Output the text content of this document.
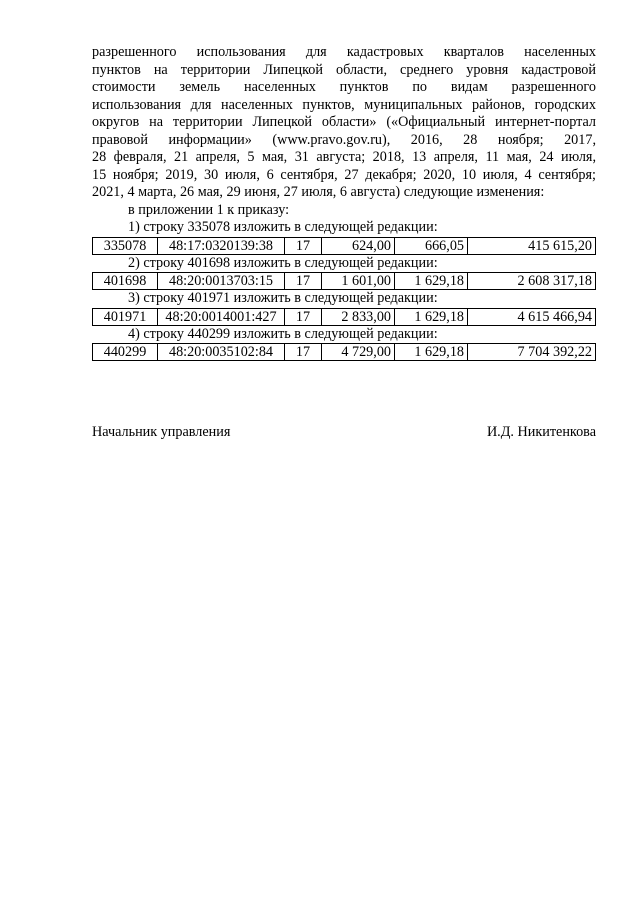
разрешенного использования для кадастровых кварталов населенных
пунктов на территории Липецкой области, среднего уровня кадастровой
стоимости земель населенных пунктов по видам разрешенного
использования для населенных пунктов, муниципальных районов, городских
округов на территории Липецкой области» («Официальный интернет-портал
правовой информации» (www.pravo.gov.ru), 2016, 28 ноября; 2017,
28 февраля, 21 апреля, 5 мая, 31 августа; 2018, 13 апреля, 11 мая, 24 июля,
15 ноября; 2019, 30 июля, 6 сентября, 27 декабря; 2020, 10 июля, 4 сентября;
2021, 4 марта, 26 мая, 29 июня, 27 июля, 6 августа) следующие изменения:
в приложении 1 к приказу:
1) строку 335078 изложить в следующей редакции:
335078	48:17:0320139:38	17	624,00	666,05	415 615,20
2) строку 401698 изложить в следующей редакции:
401698	48:20:0013703:15	17	1 601,00	1 629,18	2 608 317,18
3) строку 401971 изложить в следующей редакции:
401971	48:20:0014001:427	17	2 833,00	1 629,18	4 615 466,94
4) строку 440299 изложить в следующей редакции:
440299	48:20:0035102:84	17	4 729,00	1 629,18	7 704 392,22
Начальник управления	И.Д. Никитенкова
